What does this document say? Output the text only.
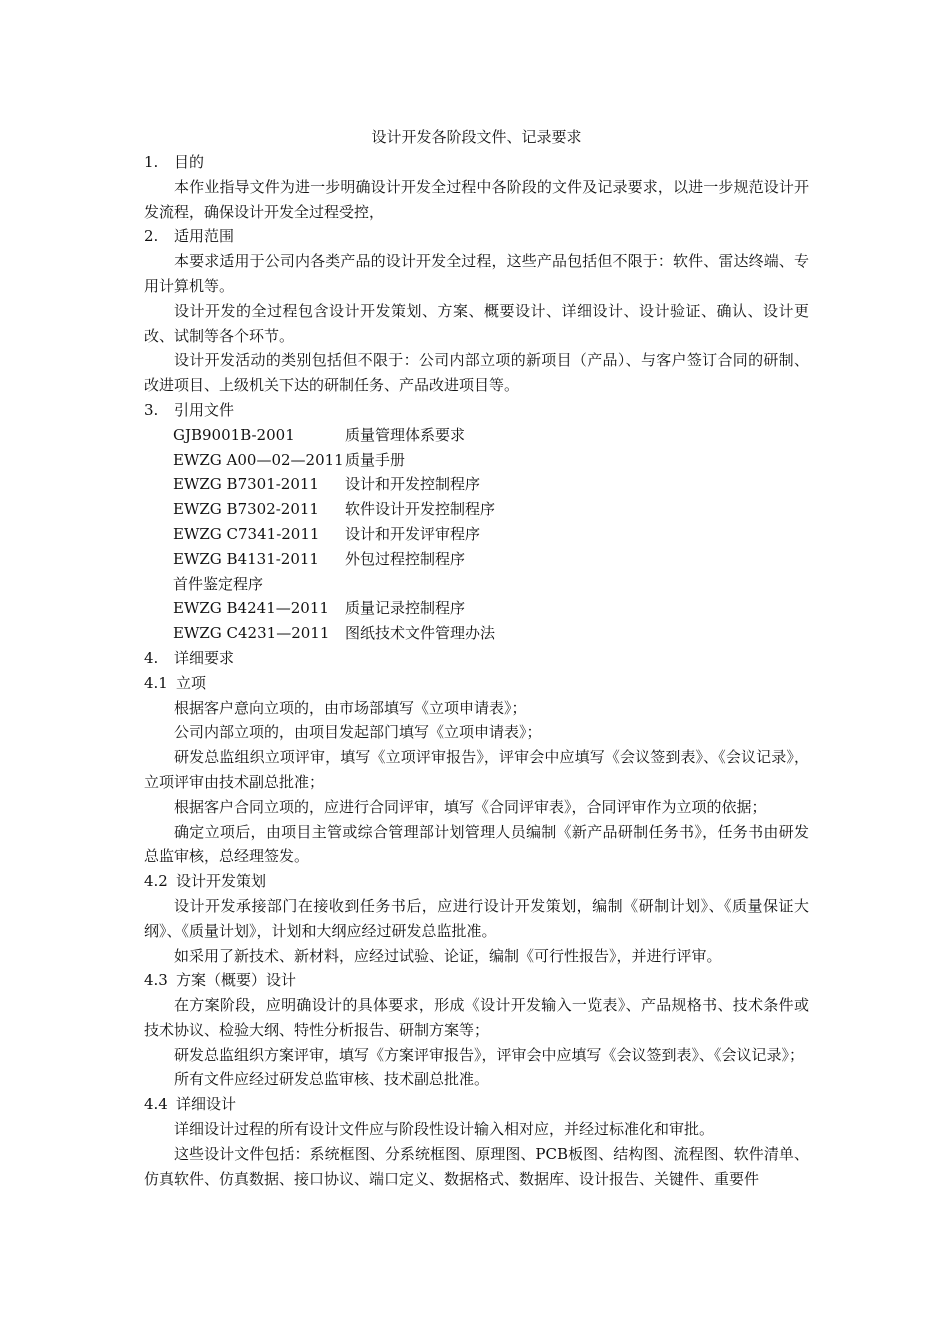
设计开发各阶段文件、记录要求

1. 目的

本作业指导文件为进一步明确设计开发全过程中各阶段的文件及记录要求，以进一步规范设计开发流程，确保设计开发全过程受控，

2. 适用范围

本要求适用于公司内各类产品的设计开发全过程，这些产品包括但不限于：软件、雷达终端、专用计算机等。

设计开发的全过程包含设计开发策划、方案、概要设计、详细设计、设计验证、确认、设计更改、试制等各个环节。

设计开发活动的类别包括但不限于：公司内部立项的新项目（产品）、与客户签订合同的研制、改进项目、上级机关下达的研制任务、产品改进项目等。

3. 引用文件

GJB9001B-2001	质量管理体系要求

EWZG A00—02—2011质量手册

EWZG B7301-2011 设计和开发控制程序

EWZG B7302-2011 软件设计开发控制程序

EWZG C7341-2011 设计和开发评审程序

EWZG B4131-2011 外包过程控制程序

首件鉴定程序

EWZG B4241—2011 质量记录控制程序

EWZG C4231—2011 图纸技术文件管理办法

4. 详细要求

4.1 立项

根据客户意向立项的，由市场部填写《立项申请表》；

公司内部立项的，由项目发起部门填写《立项申请表》；

研发总监组织立项评审，填写《立项评审报告》，评审会中应填写《会议签到表》、《会议记录》，立项评审由技术副总批准；

根据客户合同立项的，应进行合同评审，填写《合同评审表》，合同评审作为立项的依据；

确定立项后，由项目主管或综合管理部计划管理人员编制《新产品研制任务书》，任务书由研发总监审核，总经理签发。

4.2 设计开发策划

设计开发承接部门在接收到任务书后，应进行设计开发策划，编制《研制计划》、《质量保证大纲》、《质量计划》，计划和大纲应经过研发总监批准。

如采用了新技术、新材料，应经过试验、论证，编制《可行性报告》，并进行评审。

4.3 方案（概要）设计

在方案阶段，应明确设计的具体要求，形成《设计开发输入一览表》、产品规格书、技术条件或技术协议、检验大纲、特性分析报告、研制方案等；

研发总监组织方案评审，填写《方案评审报告》，评审会中应填写《会议签到表》、《会议记录》；

所有文件应经过研发总监审核、技术副总批准。

4.4 详细设计

详细设计过程的所有设计文件应与阶段性设计输入相对应，并经过标准化和审批。

这些设计文件包括：系统框图、分系统框图、原理图、PCB板图、结构图、流程图、软件清单、仿真软件、仿真数据、接口协议、端口定义、数据格式、数据库、设计报告、关键件、重要件
